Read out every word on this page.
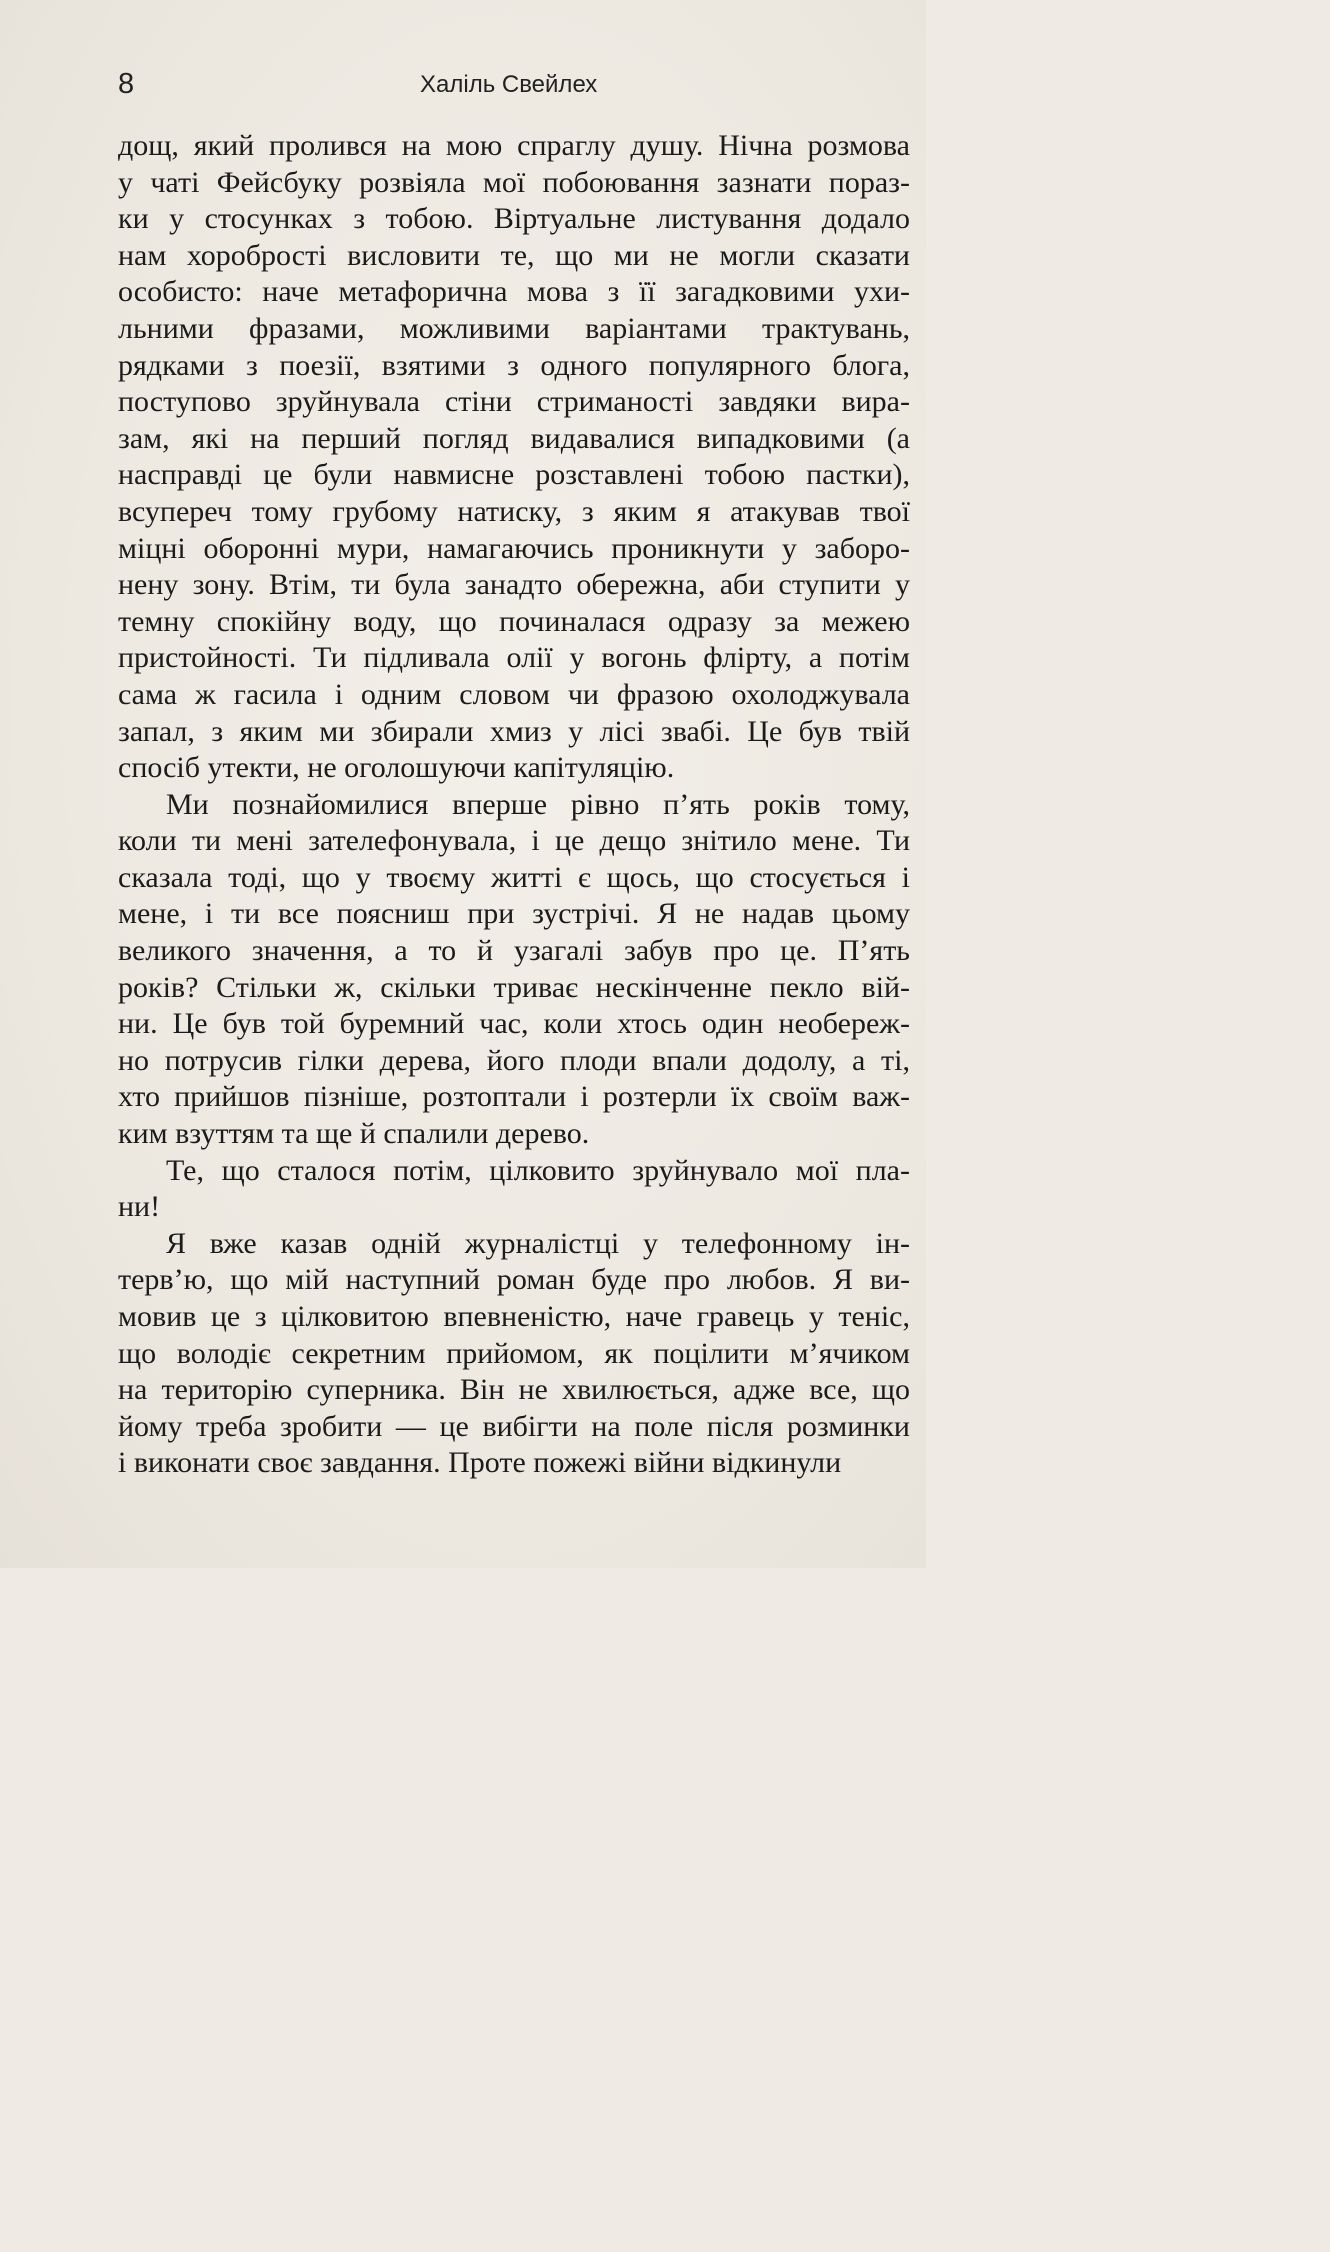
8	Халіль Свейлех
дощ, який пролився на мою спраглу душу. Нічна розмова
у чаті Фейсбуку розвіяла мої побоювання зазнати пораз-
ки у стосунках з тобою. Віртуальне листування додало
нам хоробрості висловити те, що ми не могли сказати
особисто: наче метафорична мова з її загадковими ухи-
льними фразами, можливими варіантами трактувань,
рядками з поезії, взятими з одного популярного блога,
поступово зруйнувала стіни стриманості завдяки вира-
зам, які на перший погляд видавалися випадковими (а
насправді це були навмисне розставлені тобою пастки),
всупереч тому грубому натиску, з яким я атакував твої
міцні оборонні мури, намагаючись проникнути у заборо-
нену зону. Втім, ти була занадто обережна, аби ступити у
темну спокійну воду, що починалася одразу за межею
пристойності. Ти підливала олії у вогонь флірту, а потім
сама ж гасила і одним словом чи фразою охолоджувала
запал, з яким ми збирали хмиз у лісі звабі. Це був твій
спосіб утекти, не оголошуючи капітуляцію.
Ми познайомилися вперше рівно п’ять років тому,
коли ти мені зателефонувала, і це дещо знітило мене. Ти
сказала тоді, що у твоєму житті є щось, що стосується і
мене, і ти все поясниш при зустрічі. Я не надав цьому
великого значення, а то й узагалі забув про це. П’ять
років? Стільки ж, скільки триває нескінченне пекло вій-
ни. Це був той буремний час, коли хтось один необереж-
но потрусив гілки дерева, його плоди впали додолу, а ті,
хто прийшов пізніше, розтоптали і розтерли їх своїм важ-
ким взуттям та ще й спалили дерево.
Те, що сталося потім, цілковито зруйнувало мої пла-
ни!
Я вже казав одній журналістці у телефонному ін-
терв’ю, що мій наступний роман буде про любов. Я ви-
мовив це з цілковитою впевненістю, наче гравець у теніс,
що володіє секретним прийомом, як поцілити м’ячиком
на територію суперника. Він не хвилюється, адже все, що
йому треба зробити — це вибігти на поле після розминки
і виконати своє завдання. Проте пожежі війни відкинули
